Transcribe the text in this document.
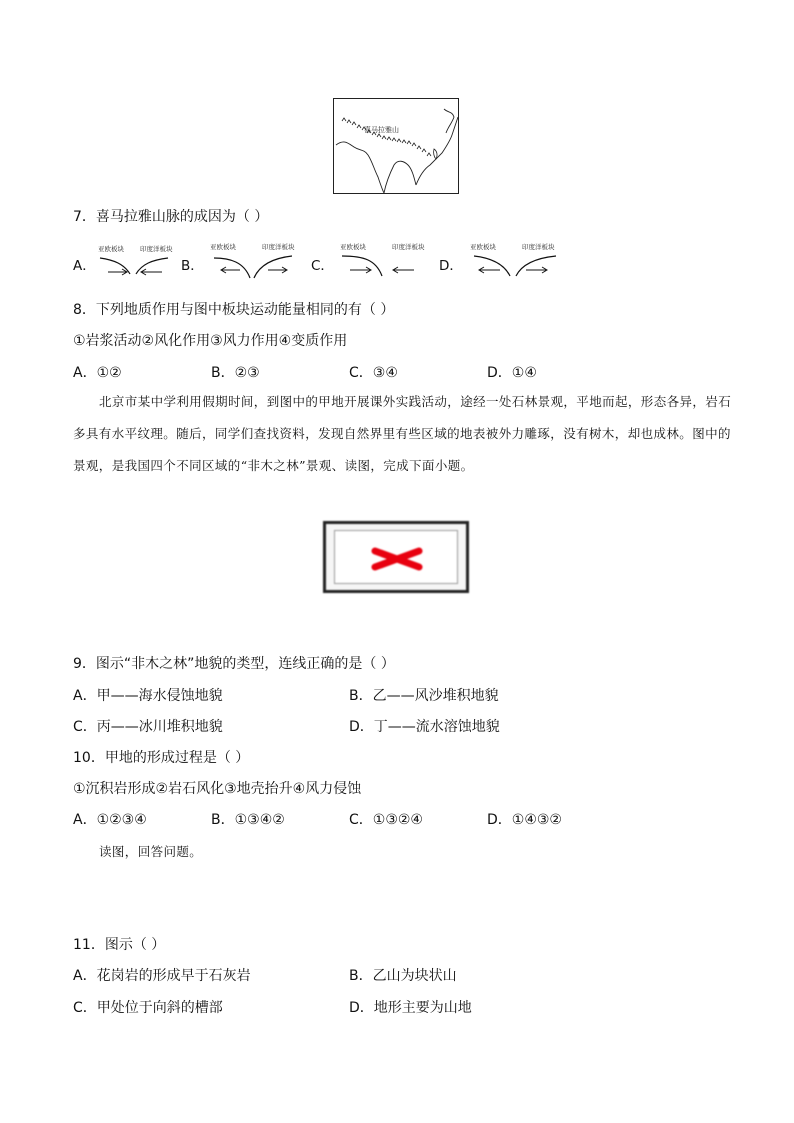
喜马拉雅山
7．喜马拉雅山脉的成因为（ ）
A．
亚欧板块 印度洋板块
B．
亚欧板块	印度洋板块
C．
亚欧板块	印度洋板块
D．
亚欧板块	印度洋板块
8．下列地质作用与图中板块运动能量相同的有（ ）
①岩浆活动②风化作用③风力作用④变质作用
A．①②	B．②③	C．③④	D．①④
北京市某中学利用假期时间，到图中的甲地开展课外实践活动，途经一处石林景观，平地而起，形态各异，岩石多具有水平纹理。随后，同学们查找资料，发现自然界里有些区域的地表被外力雕琢，没有树木，却也成林。图中的景观，是我国四个不同区域的“非木之林”景观、读图，完成下面小题。
9．图示“非木之林”地貌的类型，连线正确的是（ ）
A．甲——海水侵蚀地貌	B．乙——风沙堆积地貌
C．丙——冰川堆积地貌	D．丁——流水溶蚀地貌
10．甲地的形成过程是（ ）
①沉积岩形成②岩石风化③地壳抬升④风力侵蚀
A．①②③④	B．①③④②	C．①③②④	D．①④③②
读图，回答问题。
11．图示（ ）
A．花岗岩的形成早于石灰岩	B．乙山为块状山
C．甲处位于向斜的槽部	D．地形主要为山地
